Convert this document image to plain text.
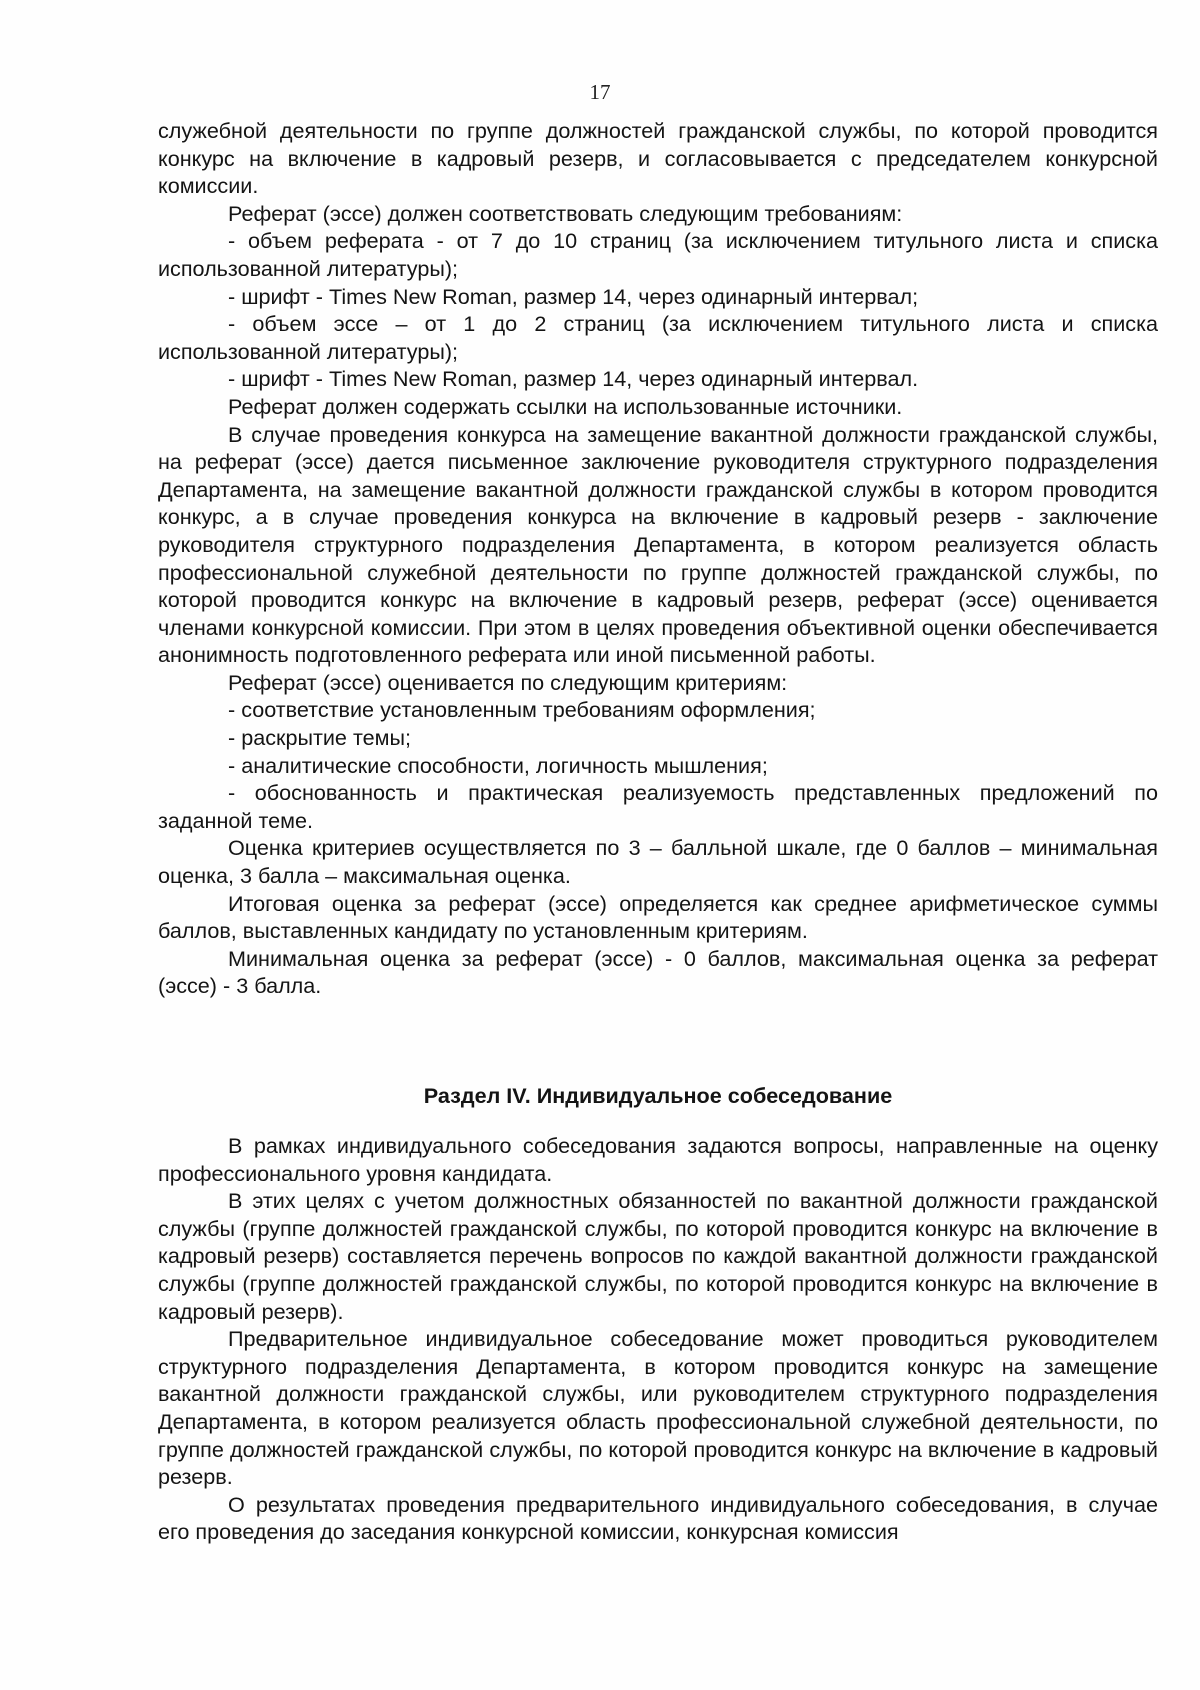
17

служебной деятельности по группе должностей гражданской службы, по которой проводится конкурс на включение в кадровый резерв, и согласовывается с председателем конкурсной комиссии.

Реферат (эссе) должен соответствовать следующим требованиям:

- объем реферата - от 7 до 10 страниц (за исключением титульного листа и списка использованной литературы);

- шрифт - Times New Roman, размер 14, через одинарный интервал;

- объем эссе – от 1 до 2 страниц (за исключением титульного листа и списка использованной литературы);

- шрифт - Times New Roman, размер 14, через одинарный интервал.

Реферат должен содержать ссылки на использованные источники.

В случае проведения конкурса на замещение вакантной должности гражданской службы, на реферат (эссе) дается письменное заключение руководителя структурного подразделения Департамента, на замещение вакантной должности гражданской службы в котором проводится конкурс, а в случае проведения конкурса на включение в кадровый резерв - заключение руководителя структурного подразделения Департамента, в котором реализуется область профессиональной служебной деятельности по группе должностей гражданской службы, по которой проводится конкурс на включение в кадровый резерв, реферат (эссе) оценивается членами конкурсной комиссии. При этом в целях проведения объективной оценки обеспечивается анонимность подготовленного реферата или иной письменной работы.

Реферат (эссе) оценивается по следующим критериям:

- соответствие установленным требованиям оформления;

- раскрытие темы;

- аналитические способности, логичность мышления;

- обоснованность и практическая реализуемость представленных предложений по заданной теме.

Оценка критериев осуществляется по 3 – балльной шкале, где 0 баллов – минимальная оценка, 3 балла – максимальная оценка.

Итоговая оценка за реферат (эссе) определяется как среднее арифметическое суммы баллов, выставленных кандидату по установленным критериям.

Минимальная оценка за реферат (эссе) - 0 баллов, максимальная оценка за реферат (эссе) - 3 балла.

Раздел IV. Индивидуальное собеседование

В рамках индивидуального собеседования задаются вопросы, направленные на оценку профессионального уровня кандидата.

В этих целях с учетом должностных обязанностей по вакантной должности гражданской службы (группе должностей гражданской службы, по которой проводится конкурс на включение в кадровый резерв) составляется перечень вопросов по каждой вакантной должности гражданской службы (группе должностей гражданской службы, по которой проводится конкурс на включение в кадровый резерв).

Предварительное индивидуальное собеседование может проводиться руководителем структурного подразделения Департамента, в котором проводится конкурс на замещение вакантной должности гражданской службы, или руководителем структурного подразделения Департамента, в котором реализуется область профессиональной служебной деятельности, по группе должностей гражданской службы, по которой проводится конкурс на включение в кадровый резерв.

О результатах проведения предварительного индивидуального собеседования, в случае его проведения до заседания конкурсной комиссии, конкурсная комиссия
